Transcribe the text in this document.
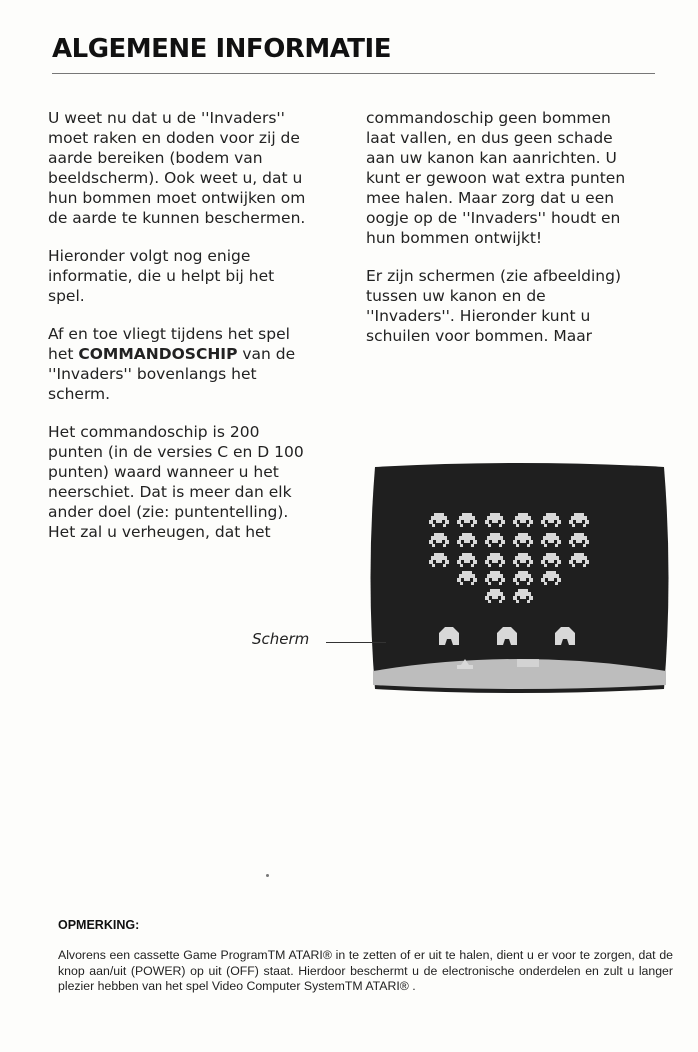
ALGEMENE INFORMATIE

U weet nu dat u de ''Invaders''
moet raken en doden voor zij de
aarde bereiken (bodem van
beeldscherm). Ook weet u, dat u
hun bommen moet ontwijken om
de aarde te kunnen beschermen.

Hieronder volgt nog enige
informatie, die u helpt bij het
spel.

Af en toe vliegt tijdens het spel
het COMMANDOSCHIP van de
''Invaders'' bovenlangs het
scherm.

Het commandoschip is 200
punten (in de versies C en D 100
punten) waard wanneer u het
neerschiet. Dat is meer dan elk
ander doel (zie: puntentelling).
Het zal u verheugen, dat het

commandoschip geen bommen
laat vallen, en dus geen schade
aan uw kanon kan aanrichten. U
kunt er gewoon wat extra punten
mee halen. Maar zorg dat u een
oogje op de ''Invaders'' houdt en
hun bommen ontwijkt!

Er zijn schermen (zie afbeelding)
tussen uw kanon en de
''Invaders''. Hieronder kunt u
schuilen voor bommen. Maar

Scherm
OPMERKING:

Alvorens een cassette Game ProgramTM ATARI® in te zetten of er uit te halen, dient u er voor te zorgen, dat de knop aan/uit (POWER) op uit (OFF) staat. Hierdoor beschermt u de electronische onderdelen en zult u langer plezier hebben van het spel Video Computer SystemTM ATARI® .
